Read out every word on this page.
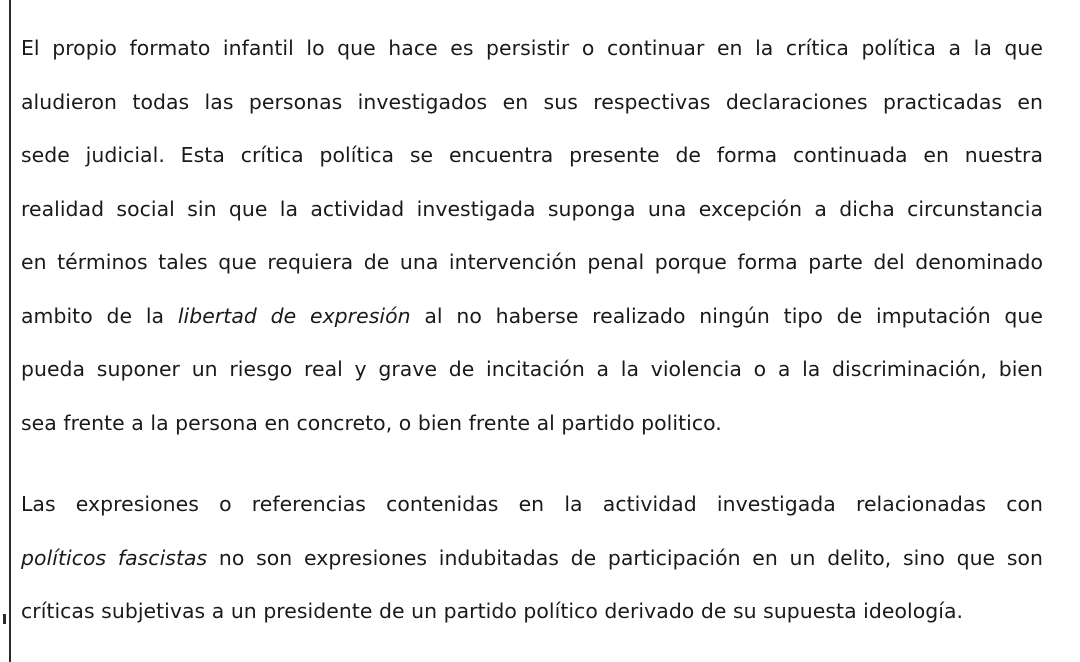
El propio formato infantil lo que hace es persistir o continuar en la crítica política a la que
aludieron todas las personas investigados en sus respectivas declaraciones practicadas en
sede judicial. Esta crítica política se encuentra presente de forma continuada en nuestra
realidad social sin que la actividad investigada suponga una excepción a dicha circunstancia
en términos tales que requiera de una intervención penal porque forma parte del denominado
ambito de la libertad de expresión al no haberse realizado ningún tipo de imputación que
pueda suponer un riesgo real y grave de incitación a la violencia o a la discriminación, bien
sea frente a la persona en concreto, o bien frente al partido politico.

Las expresiones o referencias contenidas en la actividad investigada relacionadas con
políticos fascistas no son expresiones indubitadas de participación en un delito, sino que son
críticas subjetivas a un presidente de un partido político derivado de su supuesta ideología.
